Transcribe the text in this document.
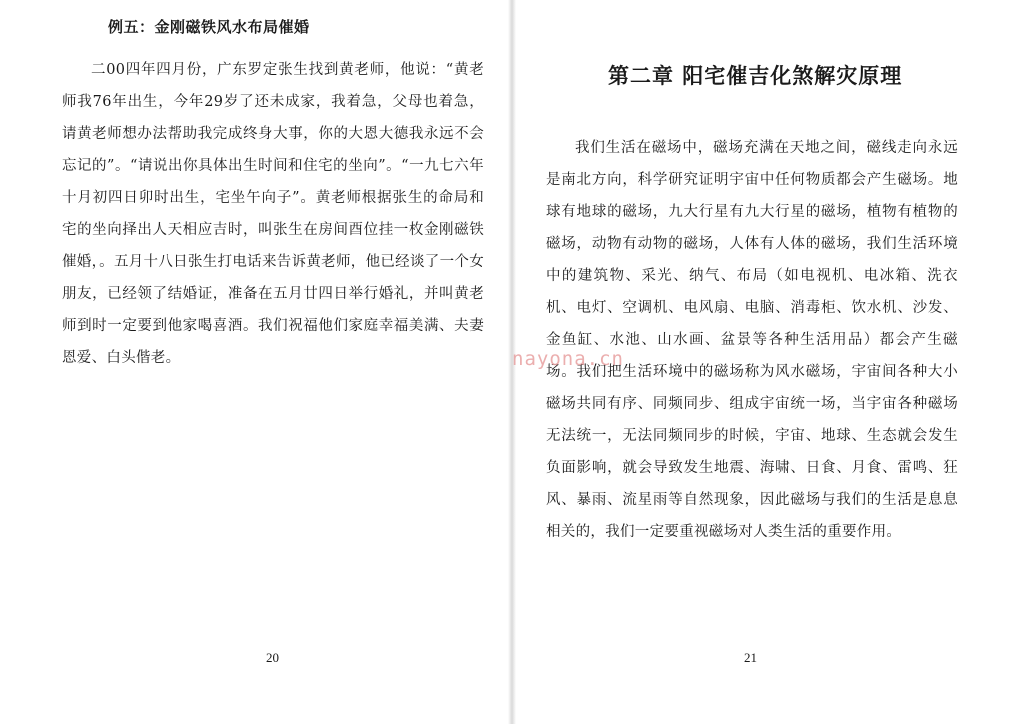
例五：金刚磁铁风水布局催婚

二00四年四月份，广东罗定张生找到黄老师，他说：“黄老师我76年出生，今年29岁了还未成家，我着急，父母也着急，请黄老师想办法帮助我完成终身大事，你的大恩大德我永远不会忘记的”。“请说出你具体出生时间和住宅的坐向”。“一九七六年十月初四日卯时出生，宅坐午向子”。黄老师根据张生的命局和宅的坐向择出人天相应吉时，叫张生在房间酉位挂一枚金刚磁铁催婚，。五月十八日张生打电话来告诉黄老师，他已经谈了一个女朋友，已经领了结婚证，准备在五月廿四日举行婚礼，并叫黄老师到时一定要到他家喝喜酒。我们祝福他们家庭幸福美满、夫妻恩爱、白头偕老。

20
第二章 阳宅催吉化煞解灾原理

我们生活在磁场中，磁场充满在天地之间，磁线走向永远是南北方向，科学研究证明宇宙中任何物质都会产生磁场。地球有地球的磁场，九大行星有九大行星的磁场，植物有植物的磁场，动物有动物的磁场，人体有人体的磁场，我们生活环境中的建筑物、采光、纳气、布局（如电视机、电冰箱、洗衣机、电灯、空调机、电风扇、电脑、消毒柜、饮水机、沙发、金鱼缸、水池、山水画、盆景等各种生活用品）都会产生磁场。我们把生活环境中的磁场称为风水磁场，宇宙间各种大小磁场共同有序、同频同步、组成宇宙统一场，当宇宙各种磁场无法统一，无法同频同步的时候，宇宙、地球、生态就会发生负面影响，就会导致发生地震、海啸、日食、月食、雷鸣、狂风、暴雨、流星雨等自然现象，因此磁场与我们的生活是息息相关的，我们一定要重视磁场对人类生活的重要作用。

21
nayona.cn
